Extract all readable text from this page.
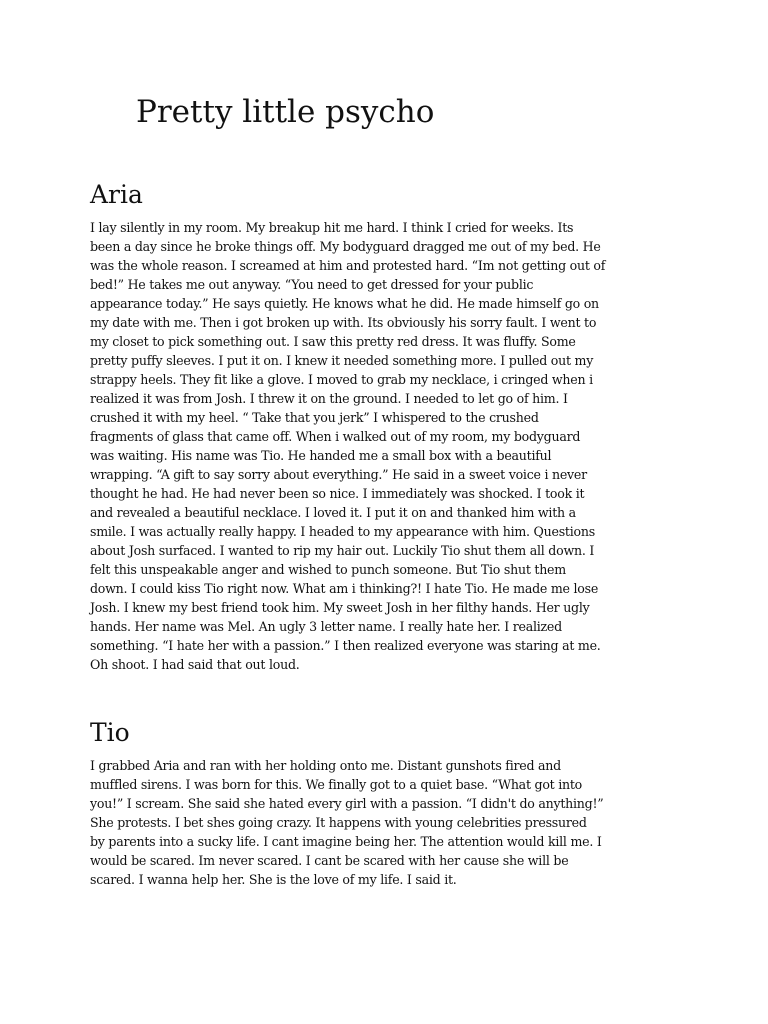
Pretty little psycho
Aria

I lay silently in my room. My breakup hit me hard. I think I cried for weeks. Its
been a day since he broke things off. My bodyguard dragged me out of my bed. He
was the whole reason. I screamed at him and protested hard. “Im not getting out of
bed!” He takes me out anyway. “You need to get dressed for your public
appearance today.” He says quietly. He knows what he did. He made himself go on
my date with me. Then i got broken up with. Its obviously his sorry fault. I went to
my closet to pick something out. I saw this pretty red dress. It was fluffy. Some
pretty puffy sleeves. I put it on. I knew it needed something more. I pulled out my
strappy heels. They fit like a glove. I moved to grab my necklace, i cringed when i
realized it was from Josh. I threw it on the ground. I needed to let go of him. I
crushed it with my heel. “ Take that you jerk” I whispered to the crushed
fragments of glass that came off. When i walked out of my room, my bodyguard
was waiting. His name was Tio. He handed me a small box with a beautiful
wrapping. “A gift to say sorry about everything.” He said in a sweet voice i never
thought he had. He had never been so nice. I immediately was shocked. I took it
and revealed a beautiful necklace. I loved it. I put it on and thanked him with a
smile. I was actually really happy. I headed to my appearance with him. Questions
about Josh surfaced. I wanted to rip my hair out. Luckily Tio shut them all down. I
felt this unspeakable anger and wished to punch someone. But Tio shut them
down. I could kiss Tio right now. What am i thinking?! I hate Tio. He made me lose
Josh. I knew my best friend took him. My sweet Josh in her filthy hands. Her ugly
hands. Her name was Mel. An ugly 3 letter name. I really hate her. I realized
something. “I hate her with a passion.” I then realized everyone was staring at me.
Oh shoot. I had said that out loud.

Tio

I grabbed Aria and ran with her holding onto me. Distant gunshots fired and
muffled sirens. I was born for this. We finally got to a quiet base. “What got into
you!” I scream. She said she hated every girl with a passion. “I didn't do anything!”
She protests. I bet shes going crazy. It happens with young celebrities pressured
by parents into a sucky life. I cant imagine being her. The attention would kill me. I
would be scared. Im never scared. I cant be scared with her cause she will be
scared. I wanna help her. She is the love of my life. I said it.
